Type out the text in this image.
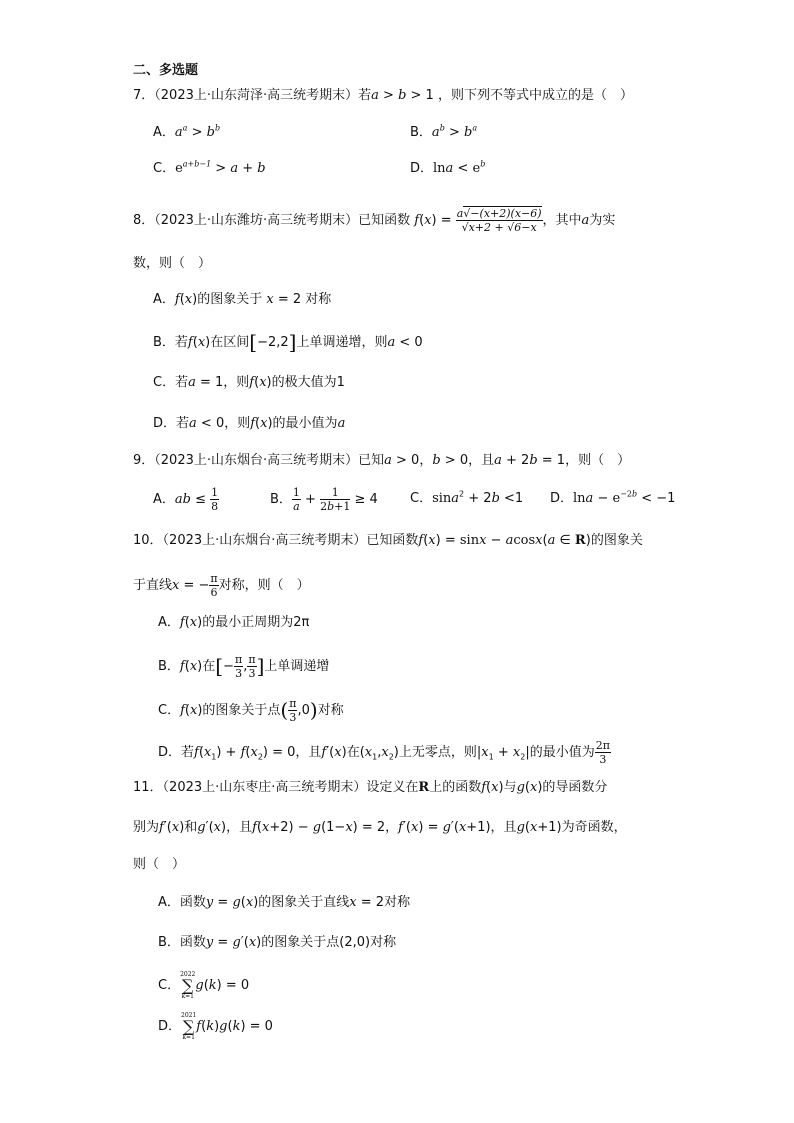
二、多选题
7．（2023上·山东菏泽·高三统考期末）若a > b > 1 ，则下列不等式中成立的是（　）
A．$a^a > b^b$	B．$a^b > b^a$
C．$e^{a+b-1} > a + b$	D．$\ln a < e^b$
8．（2023上·山东潍坊·高三统考期末）已知函数 $f(x) = \frac{a√-(x+2)(x-6)}{√x+2 + √6-x}$ ，其中a为实
数，则（　）
A．f(x)的图象关于 x = 2 对称
B．若f(x)在区间[−2,2]上单调递增，则a < 0
C．若a = 1，则f(x)的极大值为1
D．若a < 0，则f(x)的最小值为a
9．（2023上·山东烟台·高三统考期末）已知a > 0，b > 0，且a + 2b = 1，则（　）
A．ab ≤ $\frac{1}{8}$	B． $\frac{1}{a} + \frac{1}{2b+1} \ge 4$ C．sina$^2$ + 2b <1 D．$\ln a - e^{-2b} < -1$
10．（2023上·山东烟台·高三统考期末）已知函数f(x) = sinx − acosx(a ∈ R)的图象关
于直线x = − $\frac{\pi}{6}$ 对称，则（　）
A．f(x)的最小正周期为2π
B．f(x)在[− $\frac{\pi}{3}$ , $\frac{\pi}{3}$ ]上单调递增
C．f(x)的图象关于点( $\frac{\pi}{3} ,0$)对称
D．若$f(x_1) + f(x_2) = 0$，且f′(x)在$(x_1,x_2)$上无零点，则$|x_1 + x_2|$的最小值为 $\frac{2\pi}{3}$
11．（2023上·山东枣庄·高三统考期末）设定义在R上的函数f(x)与g(x)的导函数分
别为f′(x)和g′(x)，且f(x+2) − g(1−x) = 2，f′(x) = g′(x+1)，且g(x+1)为奇函数，
则（　）
A．函数y = g(x)的图象关于直线x = 2对称
B．函数y = g′(x)的图象关于点(2,0)对称
C．
2022
∑
k=1
g(k) = 0
D．
2021
∑
k=1
f(k)g(k) = 0
